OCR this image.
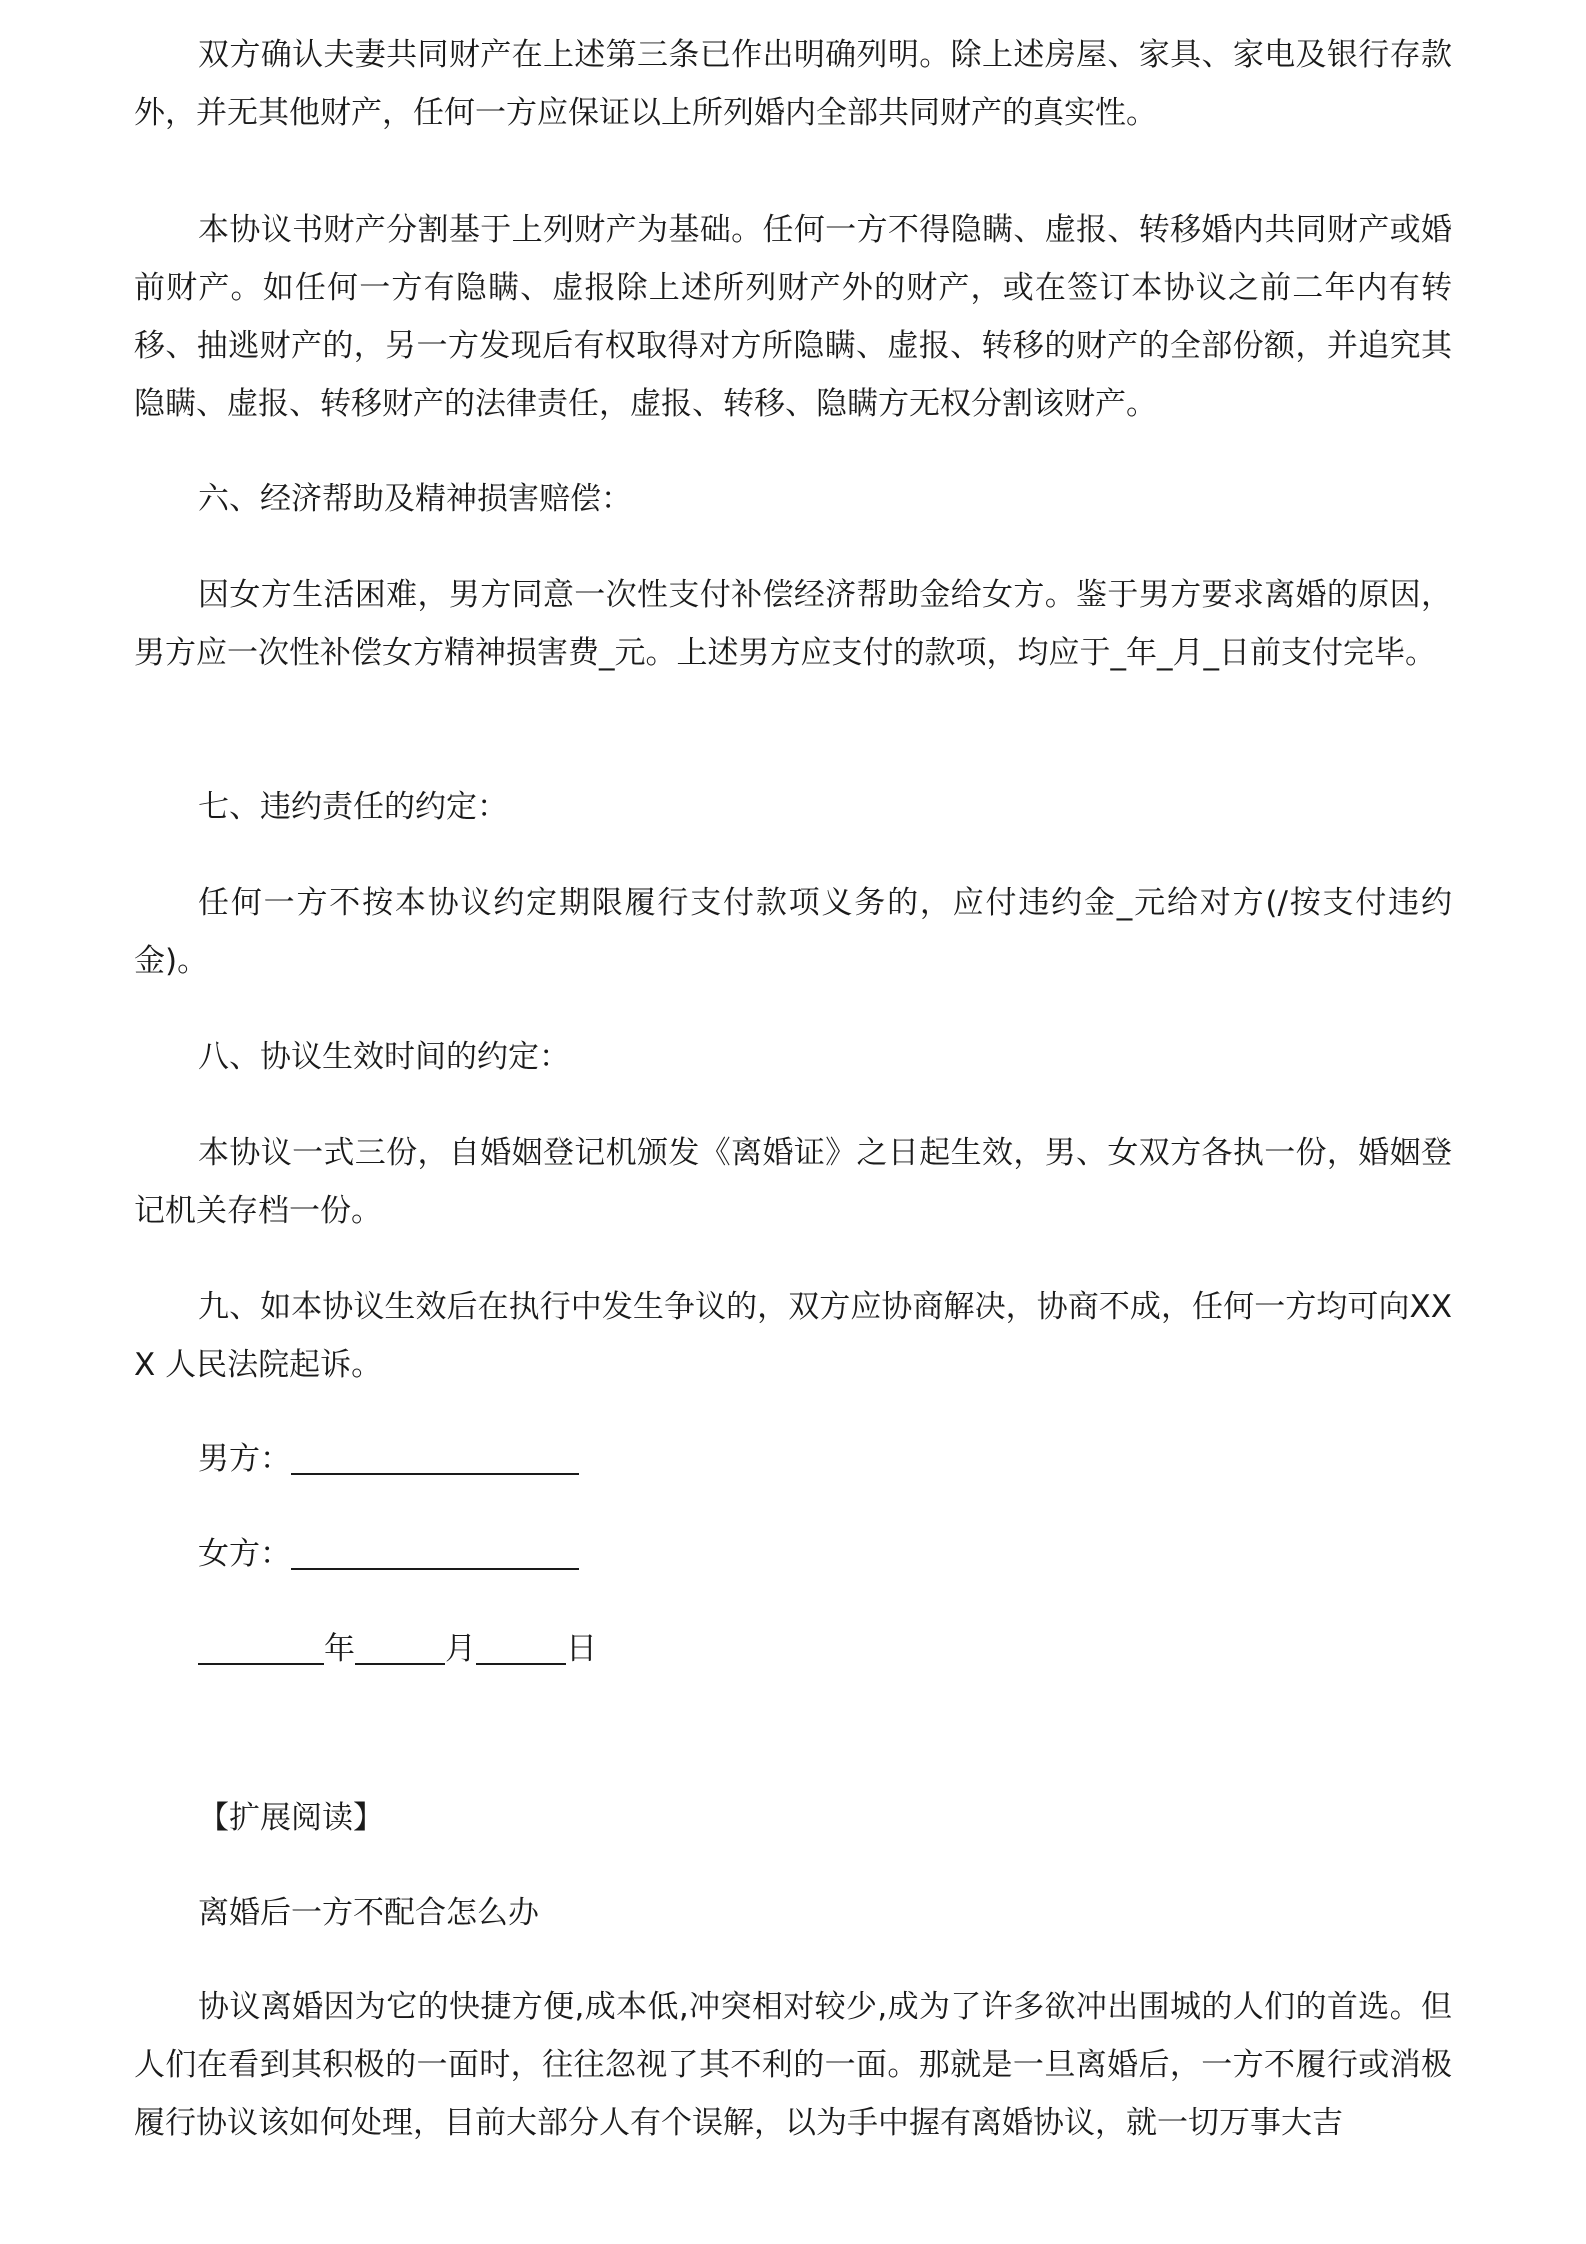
双方确认夫妻共同财产在上述第三条已作出明确列明。除上述房屋、家具、家电及银行存款外，并无其他财产，任何一方应保证以上所列婚内全部共同财产的真实性。

本协议书财产分割基于上列财产为基础。任何一方不得隐瞒、虚报、转移婚内共同财产或婚前财产。如任何一方有隐瞒、虚报除上述所列财产外的财产，或在签订本协议之前二年内有转移、抽逃财产的，另一方发现后有权取得对方所隐瞒、虚报、转移的财产的全部份额，并追究其隐瞒、虚报、转移财产的法律责任，虚报、转移、隐瞒方无权分割该财产。

六、经济帮助及精神损害赔偿：

因女方生活困难，男方同意一次性支付补偿经济帮助金给女方。鉴于男方要求离婚的原因，男方应一次性补偿女方精神损害费_元。上述男方应支付的款项，均应于_年_月_日前支付完毕。

七、违约责任的约定：

任何一方不按本协议约定期限履行支付款项义务的，应付违约金_元给对方(/按支付违约金)。

八、协议生效时间的约定：

本协议一式三份，自婚姻登记机颁发《离婚证》之日起生效，男、女双方各执一份，婚姻登记机关存档一份。

九、如本协议生效后在执行中发生争议的，双方应协商解决，协商不成，任何一方均可向XXX 人民法院起诉。

男方：

女方：

年	月	日

【扩展阅读】

离婚后一方不配合怎么办

协议离婚因为它的快捷方便,成本低,冲突相对较少,成为了许多欲冲出围城的人们的首选。但人们在看到其积极的一面时，往往忽视了其不利的一面。那就是一旦离婚后，一方不履行或消极履行协议该如何处理，目前大部分人有个误解，以为手中握有离婚协议，就一切万事大吉
